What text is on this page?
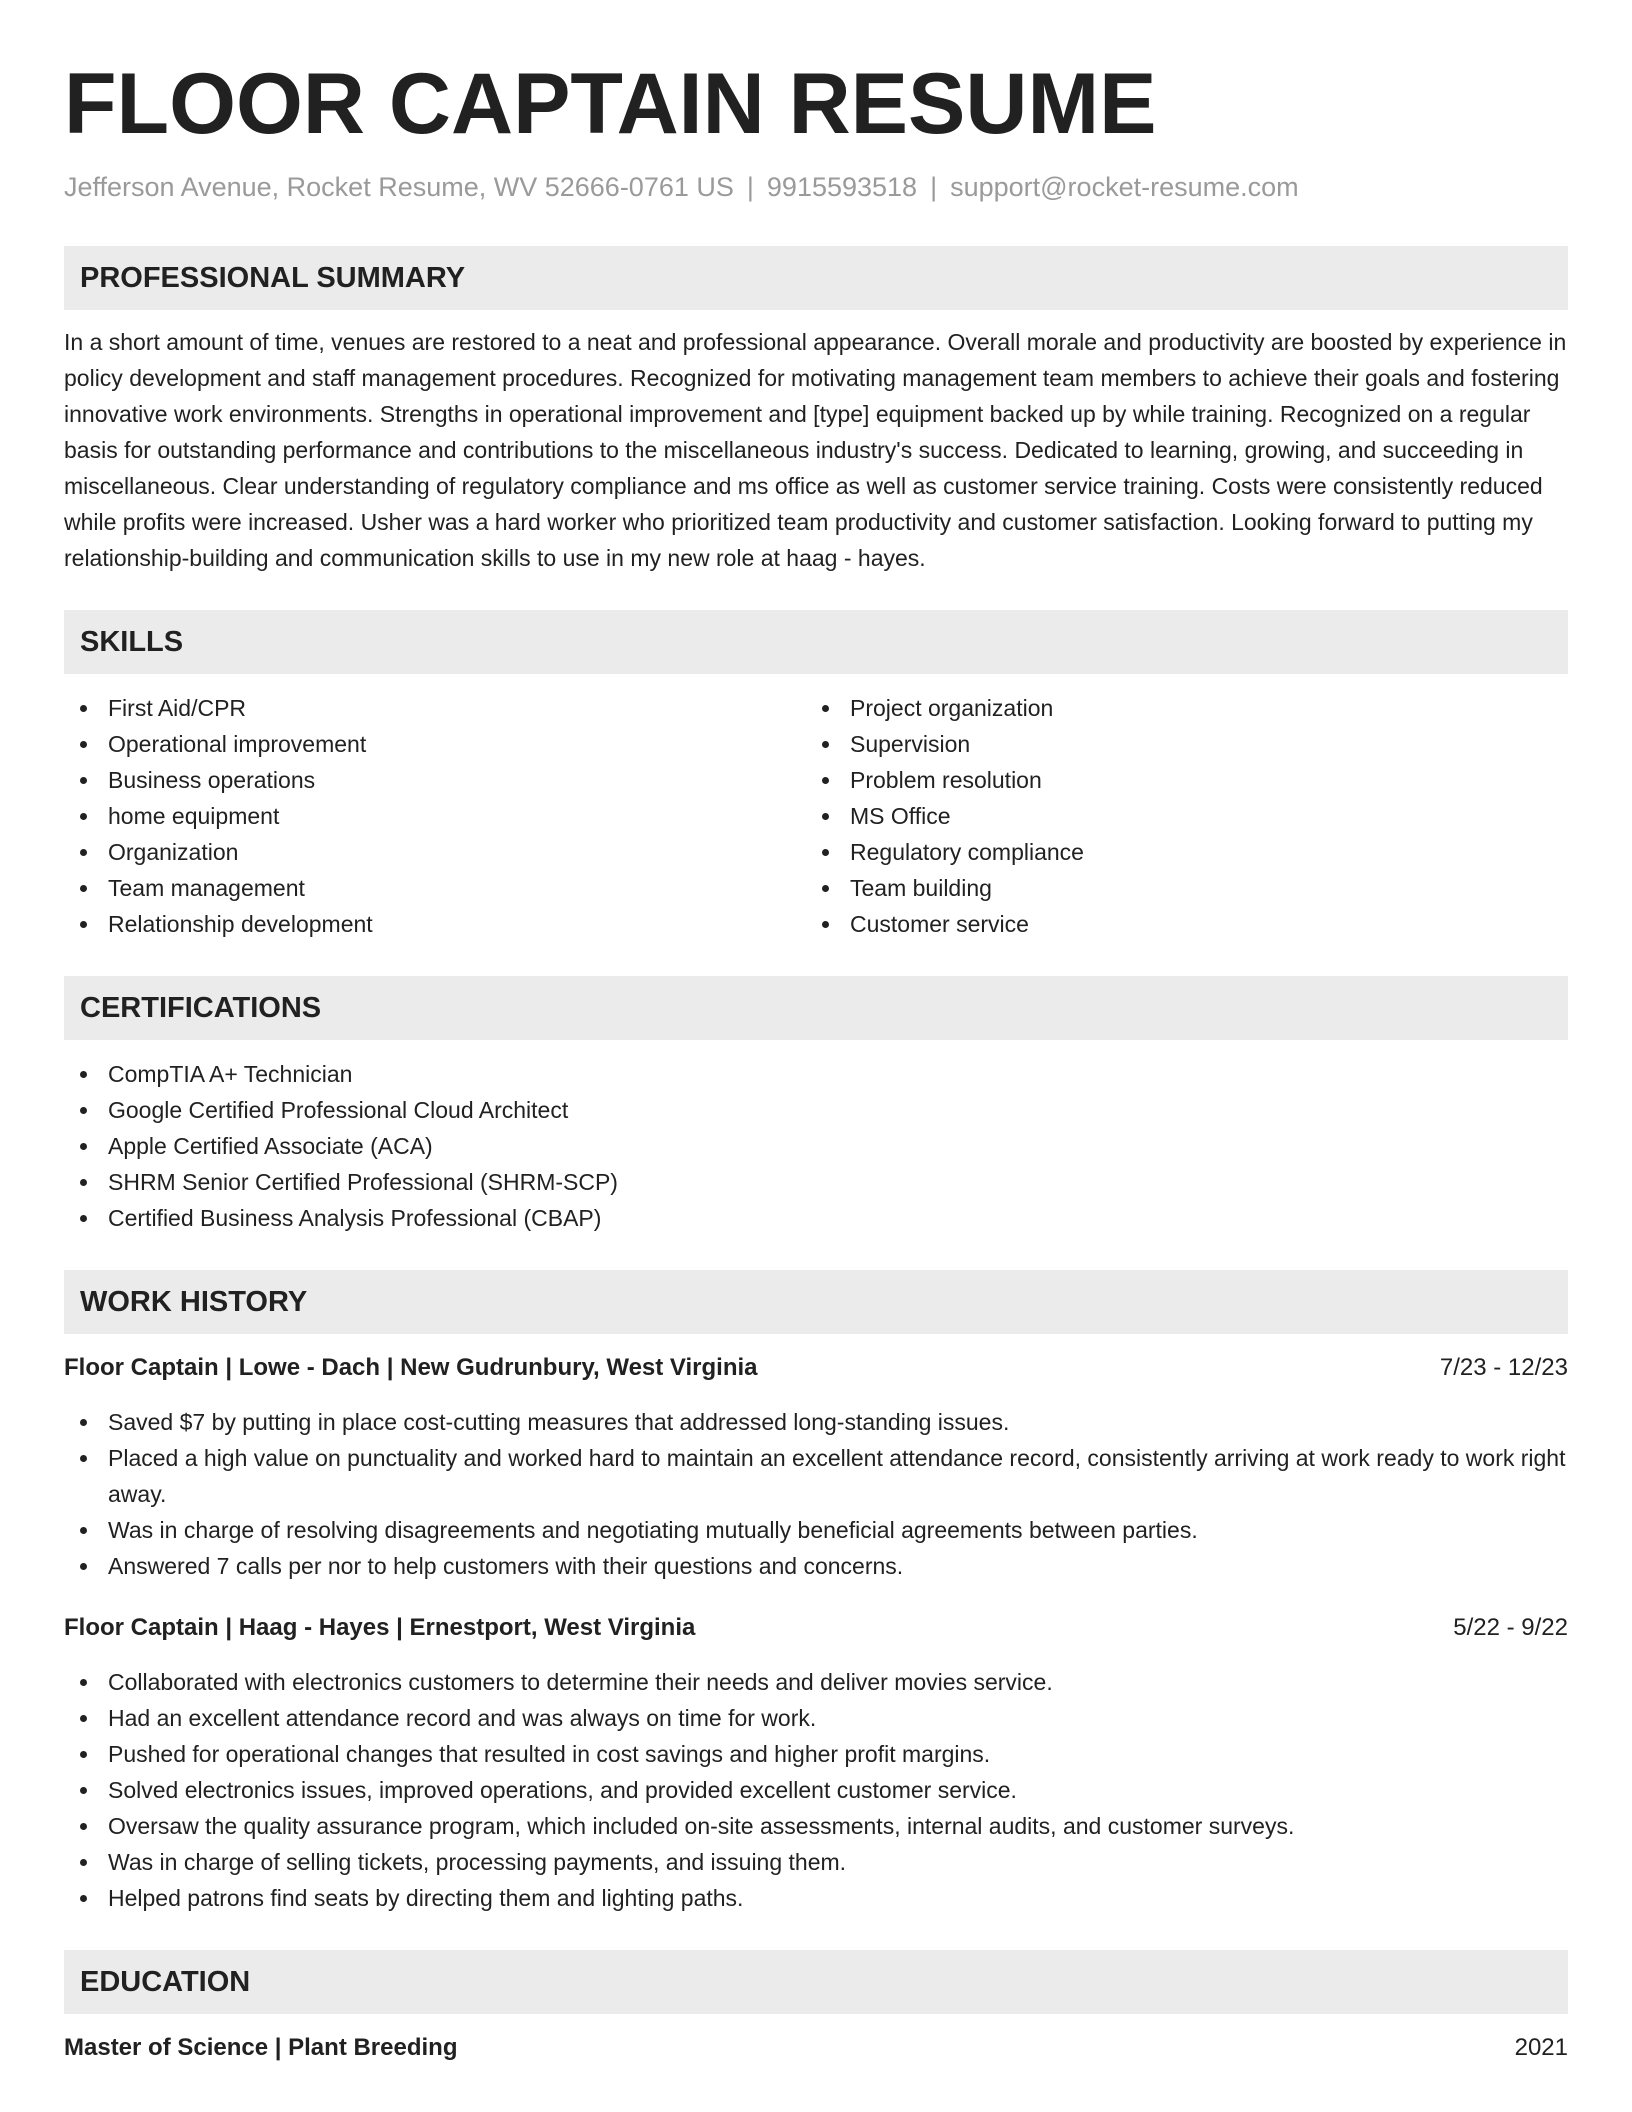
FLOOR CAPTAIN RESUME
Jefferson Avenue, Rocket Resume, WV 52666-0761 US | 9915593518 | support@rocket-resume.com
PROFESSIONAL SUMMARY
In a short amount of time, venues are restored to a neat and professional appearance. Overall morale and productivity are boosted by experience in policy development and staff management procedures. Recognized for motivating management team members to achieve their goals and fostering innovative work environments. Strengths in operational improvement and [type] equipment backed up by while training. Recognized on a regular basis for outstanding performance and contributions to the miscellaneous industry's success. Dedicated to learning, growing, and succeeding in miscellaneous. Clear understanding of regulatory compliance and ms office as well as customer service training. Costs were consistently reduced while profits were increased. Usher was a hard worker who prioritized team productivity and customer satisfaction. Looking forward to putting my relationship-building and communication skills to use in my new role at haag - hayes.
SKILLS
First Aid/CPR
Operational improvement
Business operations
home equipment
Organization
Team management
Relationship development
Project organization
Supervision
Problem resolution
MS Office
Regulatory compliance
Team building
Customer service
CERTIFICATIONS
CompTIA A+ Technician
Google Certified Professional Cloud Architect
Apple Certified Associate (ACA)
SHRM Senior Certified Professional (SHRM-SCP)
Certified Business Analysis Professional (CBAP)
WORK HISTORY
Floor Captain | Lowe - Dach | New Gudrunbury, West Virginia	7/23 - 12/23
Saved $7 by putting in place cost-cutting measures that addressed long-standing issues.
Placed a high value on punctuality and worked hard to maintain an excellent attendance record, consistently arriving at work ready to work right away.
Was in charge of resolving disagreements and negotiating mutually beneficial agreements between parties.
Answered 7 calls per nor to help customers with their questions and concerns.
Floor Captain | Haag - Hayes | Ernestport, West Virginia	5/22 - 9/22
Collaborated with electronics customers to determine their needs and deliver movies service.
Had an excellent attendance record and was always on time for work.
Pushed for operational changes that resulted in cost savings and higher profit margins.
Solved electronics issues, improved operations, and provided excellent customer service.
Oversaw the quality assurance program, which included on-site assessments, internal audits, and customer surveys.
Was in charge of selling tickets, processing payments, and issuing them.
Helped patrons find seats by directing them and lighting paths.
EDUCATION
Master of Science | Plant Breeding	2021
